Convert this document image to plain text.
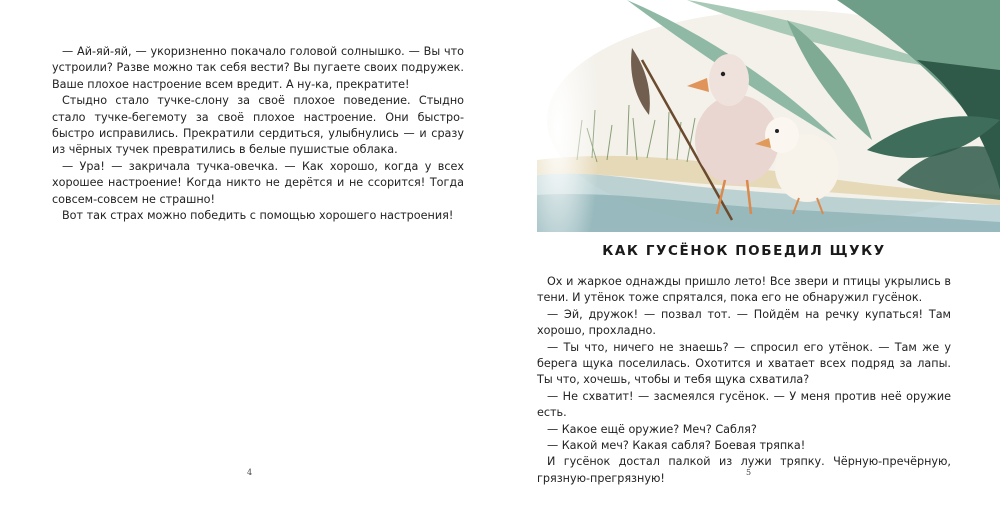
— Ай-яй-яй, — укоризненно покачало головой солнышко. — Вы что устроили? Разве можно так себя вести? Вы пугаете своих подружек. Ваше плохое настроение всем вредит. А ну-ка, прекратите!

Стыдно стало тучке-слону за своё плохое поведение. Стыдно стало тучке-бегемоту за своё плохое настроение. Они быстро-быстро исправились. Прекратили сердиться, улыбнулись — и сразу из чёрных тучек превратились в белые пушистые облака.

— Ура! — закричала тучка-овечка. — Как хорошо, когда у всех хорошее настроение! Когда никто не дерётся и не ссорится! Тогда совсем-совсем не страшно!

Вот так страх можно победить с помощью хорошего настроения!

4
КАК ГУСЁНОК ПОБЕДИЛ ЩУКУ

Ох и жаркое однажды пришло лето! Все звери и птицы укрылись в тени. И утёнок тоже спрятался, пока его не обнаружил гусёнок.

— Эй, дружок! — позвал тот. — Пойдём на речку купаться! Там хорошо, прохладно.

— Ты что, ничего не знаешь? — спросил его утёнок. — Там же у берега щука поселилась. Охотится и хватает всех подряд за лапы. Ты что, хочешь, чтобы и тебя щука схватила?

— Не схватит! — засмеялся гусёнок. — У меня против неё оружие есть.

— Какое ещё оружие? Меч? Сабля?

— Какой меч? Какая сабля? Боевая тряпка!

И гусёнок достал палкой из лужи тряпку. Чёрную-пречёрную, грязную-прегрязную!	5
